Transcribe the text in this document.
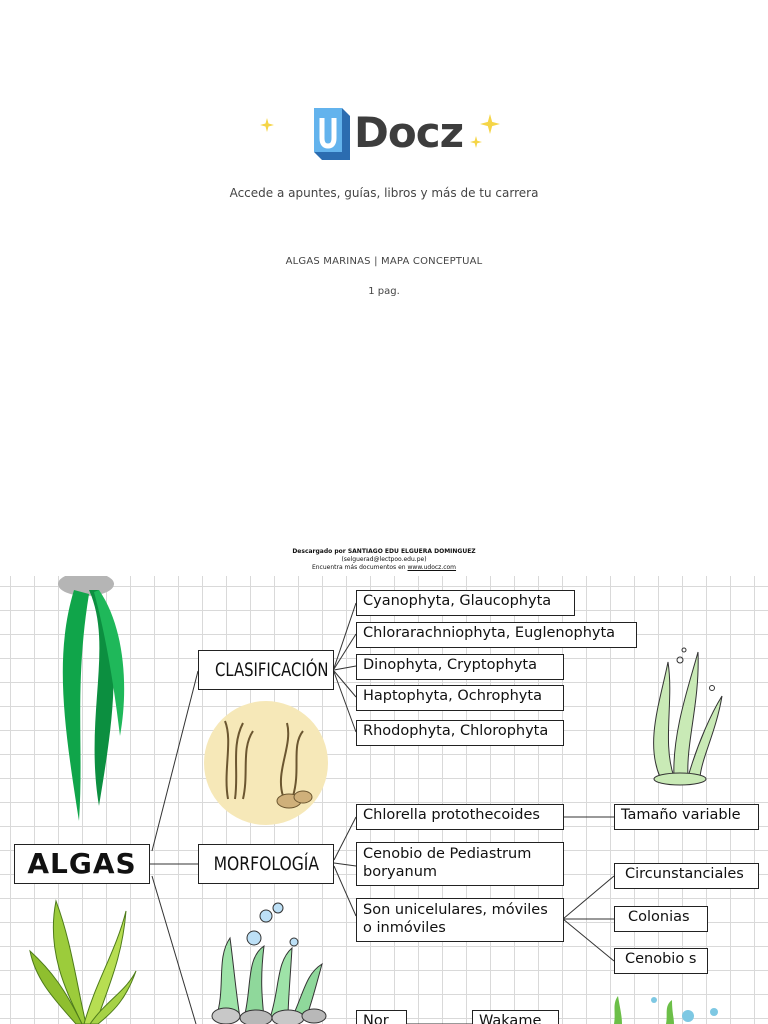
Docz
Accede a apuntes, guías, libros y más de tu carrera
ALGAS MARINAS | MAPA CONCEPTUAL
1 pag.
Descargado por SANTIAGO EDU ELGUERA DOMINGUEZ
(selguerad@lectpoo.edu.pe)
Encuentra más documentos en www.udocz.com
ALGAS
CLASIFICACIÓN
MORFOLOGÍA
Cyanophyta, Glaucophyta
Chlorarachniophyta, Euglenophyta
Dinophyta, Cryptophyta
Haptophyta, Ochrophyta
Rhodophyta, Chlorophyta
Chlorella protothecoides
Cenobio de Pediastrum boryanum
Son unicelulares, móviles o inmóviles
Tamaño variable
Circunstanciales
Colonias
Cenobio s
Nor	Wakame
